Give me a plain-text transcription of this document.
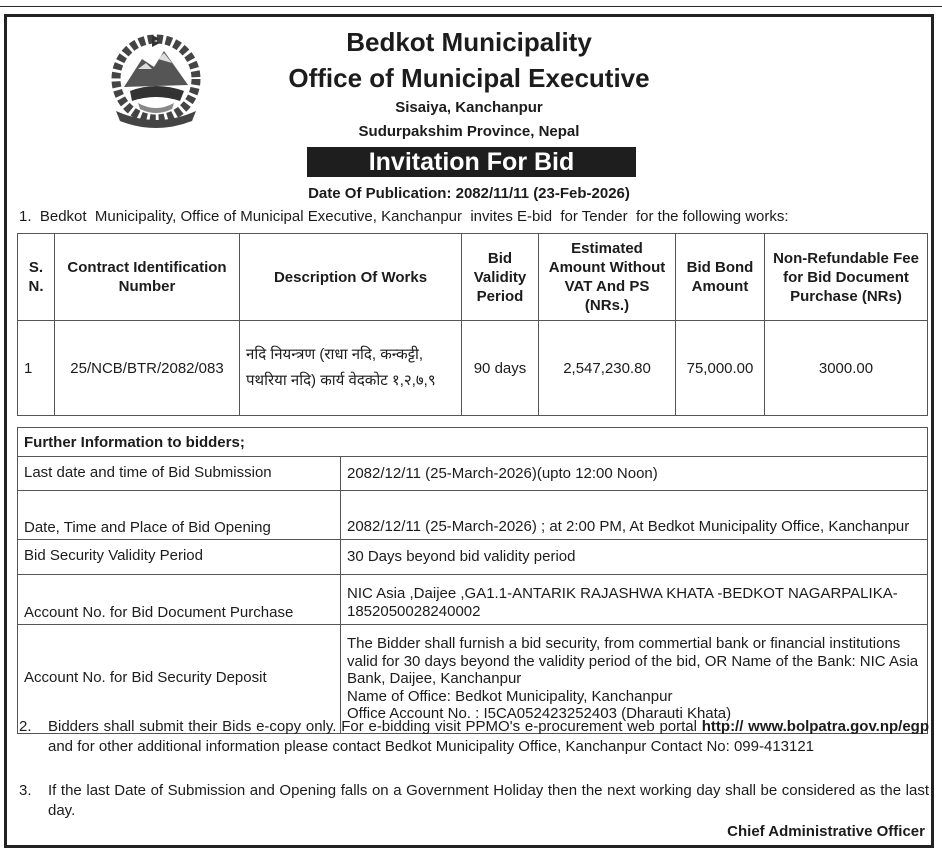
Bedkot Municipality
Office of Municipal Executive
Sisaiya, Kanchanpur
Sudurpakshim Province, Nepal
Invitation For Bid
Date Of Publication: 2082/11/11 (23-Feb-2026)
1.  Bedkot  Municipality, Office of Municipal Executive, Kanchanpur  invites E-bid  for Tender  for the following works:
S. N.	Contract Identification Number	Description Of Works	Bid Validity Period	Estimated Amount Without VAT And PS (NRs.)	Bid Bond Amount	Non-Refundable Fee for Bid Document Purchase (NRs)
1	25/NCB/BTR/2082/083	नदि नियन्त्रण (राधा नदि, कन्कट्टी, पथरिया नदि) कार्य वेदकोट १,२,७,९	90 days	2,547,230.80	75,000.00	3000.00
Further Information to bidders;	
Last date and time of Bid Submission	2082/12/11 (25-March-2026)(upto 12:00 Noon)
Date, Time and Place of Bid Opening	2082/12/11 (25-March-2026) ; at 2:00 PM, At Bedkot Municipality Office, Kanchanpur
Bid Security Validity Period	30 Days beyond bid validity period
Account No. for Bid Document Purchase	NIC Asia ,Daijee ,GA1.1-ANTARIK RAJASHWA KHATA -BEDKOT NAGARPALIKA- 1852050028240002
Account No. for Bid Security Deposit	The Bidder shall furnish a bid security, from commertial bank or financial institutions valid for 30 days beyond the validity period of the bid, OR Name of the Bank: NIC Asia Bank, Daijee, Kanchanpur
Name of Office: Bedkot Municipality, Kanchanpur
Office Account No. : I5CA052423252403 (Dharauti Khata)
2. Bidders shall submit their Bids e-copy only. For e-bidding visit PPMO's e-procurement web portal http:// www.bolpatra.gov.np/egp and for other additional information please contact Bedkot Municipality Office, Kanchanpur Contact No: 099-413121
3. If the last Date of Submission and Opening falls on a Government Holiday then the next working day shall be considered as the last day.
Chief Administrative Officer
